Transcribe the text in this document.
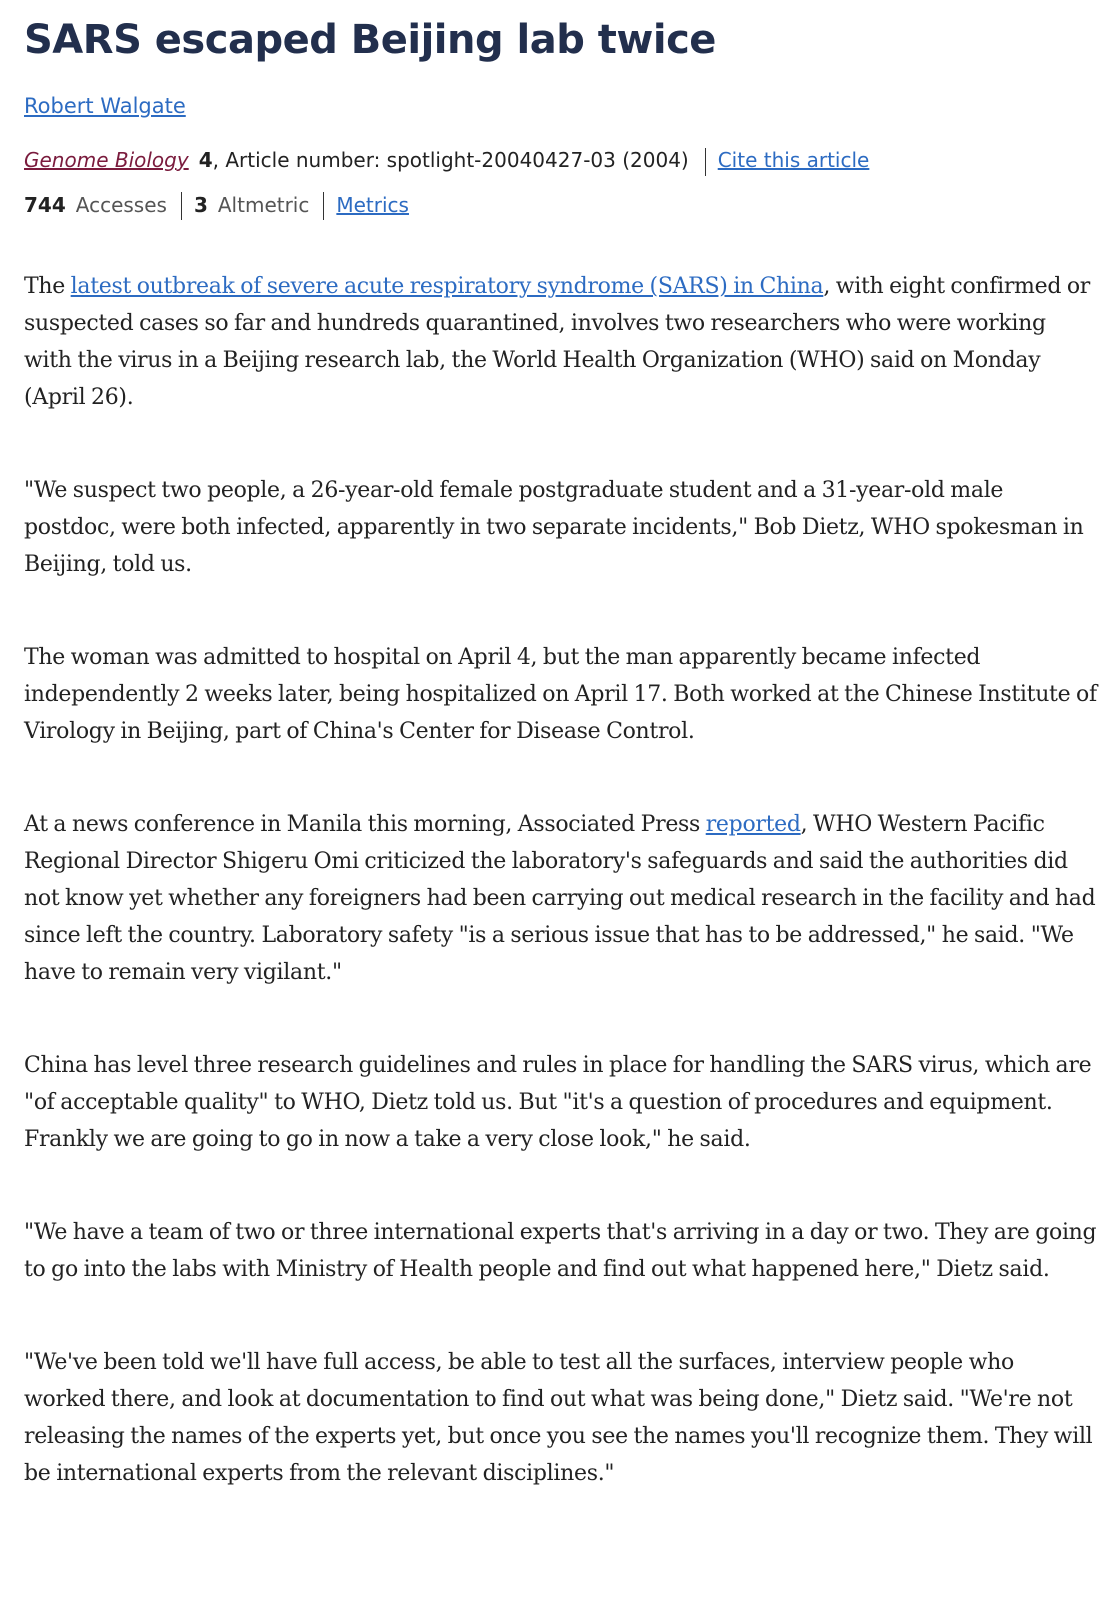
SARS escaped Beijing lab twice
Robert Walgate
Genome Biology 4, Article number: spotlight-20040427-03 (2004) Cite this article
744 Accesses 3 Altmetric Metrics

The latest outbreak of severe acute respiratory syndrome (SARS) in China, with eight confirmed or suspected cases so far and hundreds quarantined, involves two researchers who were working with the virus in a Beijing research lab, the World Health Organization (WHO) said on Monday (April 26).

"We suspect two people, a 26-year-old female postgraduate student and a 31-year-old male postdoc, were both infected, apparently in two separate incidents," Bob Dietz, WHO spokesman in Beijing, told us.

The woman was admitted to hospital on April 4, but the man apparently became infected independently 2 weeks later, being hospitalized on April 17. Both worked at the Chinese Institute of Virology in Beijing, part of China's Center for Disease Control.

At a news conference in Manila this morning, Associated Press reported, WHO Western Pacific Regional Director Shigeru Omi criticized the laboratory's safeguards and said the authorities did not know yet whether any foreigners had been carrying out medical research in the facility and had since left the country. Laboratory safety "is a serious issue that has to be addressed," he said. "We have to remain very vigilant."

China has level three research guidelines and rules in place for handling the SARS virus, which are "of acceptable quality" to WHO, Dietz told us. But "it's a question of procedures and equipment. Frankly we are going to go in now a take a very close look," he said.

"We have a team of two or three international experts that's arriving in a day or two. They are going to go into the labs with Ministry of Health people and find out what happened here," Dietz said.

"We've been told we'll have full access, be able to test all the surfaces, interview people who worked there, and look at documentation to find out what was being done," Dietz said. "We're not releasing the names of the experts yet, but once you see the names you'll recognize them. They will be international experts from the relevant disciplines."
